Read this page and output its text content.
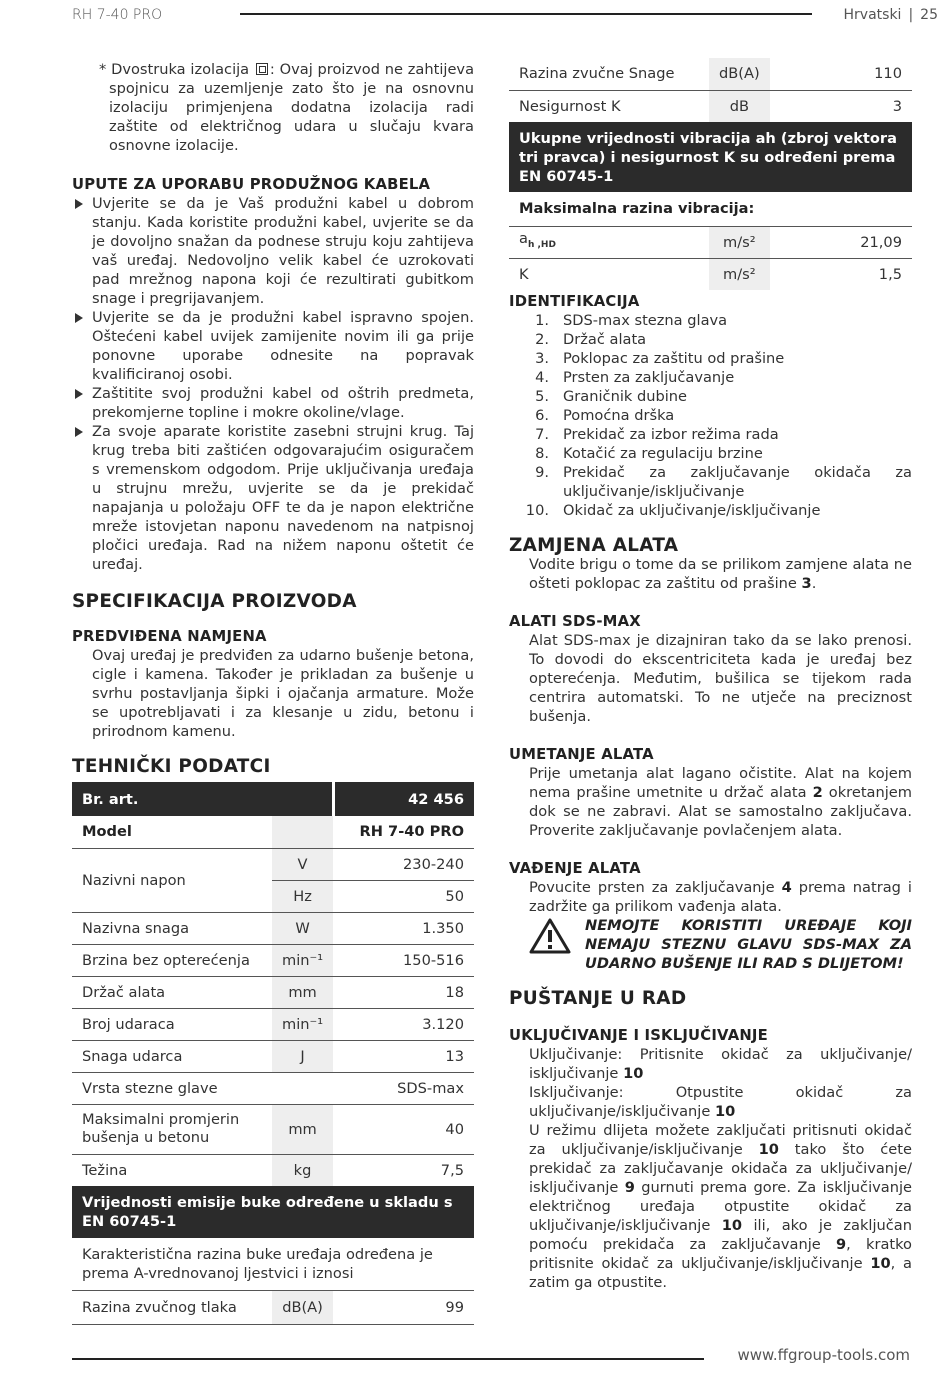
RH 7-40 PRO	Hrvatski | 25

* Dvostruka izolacija : Ovaj proizvod ne zahtijeva spojnicu za uzemljenje zato što je na osnovnu izolaciju primjenjena dodatna izolacija radi zaštite od električnog udara u slučaju kvara osnovne izolacije.

UPUTE ZA UPORABU PRODUŽNOG KABELA
Uvjerite se da je Vaš produžni kabel u dobrom stanju. Kada koristite produžni kabel, uvjerite se da je dovoljno snažan da podnese struju koju zahtijeva vaš uređaj. Nedovoljno velik kabel će uzrokovati pad mrežnog napona koji će rezultirati gubitkom snage i pregrijavanjem.
Uvjerite se da je produžni kabel ispravno spojen. Oštećeni kabel uvijek zamijenite novim ili ga prije ponovne uporabe odnesite na popravak kvalificiranoj osobi.
Zaštitite svoj produžni kabel od oštrih predmeta, prekomjerne topline i mokre okoline/vlage.
Za svoje aparate koristite zasebni strujni krug. Taj krug treba biti zaštićen odgovarajućim osiguračem s vremenskom odgodom. Prije uključivanja uređaja u strujnu mrežu, uvjerite se da je prekidač napajanja u položaju OFF te da je napon električne mreže istovjetan naponu navedenom na natpisnoj pločici uređaja. Rad na nižem naponu oštetit će uređaj.
SPECIFIKACIJA PROIZVODA
PREDVIĐENA NAMJENA

Ovaj uređaj je predviđen za udarno bušenje betona, cigle i kamena. Također je prikladan za bušenje u svrhu postavljanja šipki i ojačanja armature. Može se upotrebljavati i za klesanje u zidu, betonu i prirodnom kamenu.

TEHNIČKI PODATCI
Br. art.		42 456
Model		RH 7-40 PRO
Nazivni napon	V	230-240
	Hz	50
Nazivna snaga	W	1.350
Brzina bez opterećenja	min⁻¹	150-516
Držač alata	mm	18
Broj udaraca	min⁻¹	3.120
Snaga udarca	J	13
Vrsta stezne glave	SDS-max	
Maksimalni promjerin bušenja u betonu	mm	40
Težina	kg	7,5
Vrijednosti emisije buke određene u skladu s EN 60745-1		
Karakteristična razina buke uređaja određena je prema A-vrednovanoj ljestvici i iznosi		
Razina zvučnog tlaka	dB(A)	99
Razina zvučne Snage	dB(A)	110
Nesigurnost K	dB	3
Ukupne vrijednosti vibracija ah (zbroj vektora tri pravca) i nesigurnost K su određeni prema EN 60745-1		
Maksimalna razina vibracija:		
$a_{h ,HD}$	m/s²	21,09
K	m/s²	1,5
IDENTIFIKACIJA
1. SDS-max stezna glava
2. Držač alata
3. Poklopac za zaštitu od prašine
4. Prsten za zaključavanje
5. Graničnik dubine
6. Pomoćna drška
7. Prekidač za izbor režima rada
8. Kotačić za regulaciju brzine
9. Prekidač za zaključavanje okidača za uključivanje/isključivanje
10. Okidač za uključivanje/isključivanje
ZAMJENA ALATA

Vodite brigu o tome da se prilikom zamjene alata ne ošteti poklopac za zaštitu od prašine 3.

ALATI SDS-MAX

Alat SDS-max je dizajniran tako da se lako prenosi. To dovodi do ekscentriciteta kada je uređaj bez opterećenja. Međutim, bušilica se tijekom rada centrira automatski. To ne utječe na preciznost bušenja.

UMETANJE ALATA

Prije umetanja alat lagano očistite. Alat na kojem nema prašine umetnite u držač alata 2 okretanjem dok se ne zabravi. Alat se samostalno zaključava. Proverite zaključavanje povlačenjem alata.

VAĐENJE ALATA

Povucite prsten za zaključavanje 4 prema natrag i zadržite ga prilikom vađenja alata.

NEMOJTE KORISTITI UREĐAJE KOJI NEMAJU STEZNU GLAVU SDS-MAX ZA UDARNO BUŠENJE ILI RAD S DLIJETOM!

PUŠTANJE U RAD
UKLJUČIVANJE I ISKLJUČIVANJE

Uključivanje: Pritisnite okidač za uključivanje/ isključivanje 10

Isključivanje: Otpustite okidač za uključivanje/isključivanje 10

U režimu dlijeta možete zaključati pritisnuti okidač za uključivanje/isključivanje 10 tako što ćete prekidač za zaključavanje okidača za uključivanje/ isključivanje 9 gurnuti prema gore. Za isključivanje električnog uređaja otpustite okidač za uključivanje/isključivanje 10 ili, ako je zaključan pomoću prekidača za zaključavanje 9, kratko pritisnite okidač za uključivanje/isključivanje 10, a zatim ga otpustite.

www.ffgroup-tools.com
